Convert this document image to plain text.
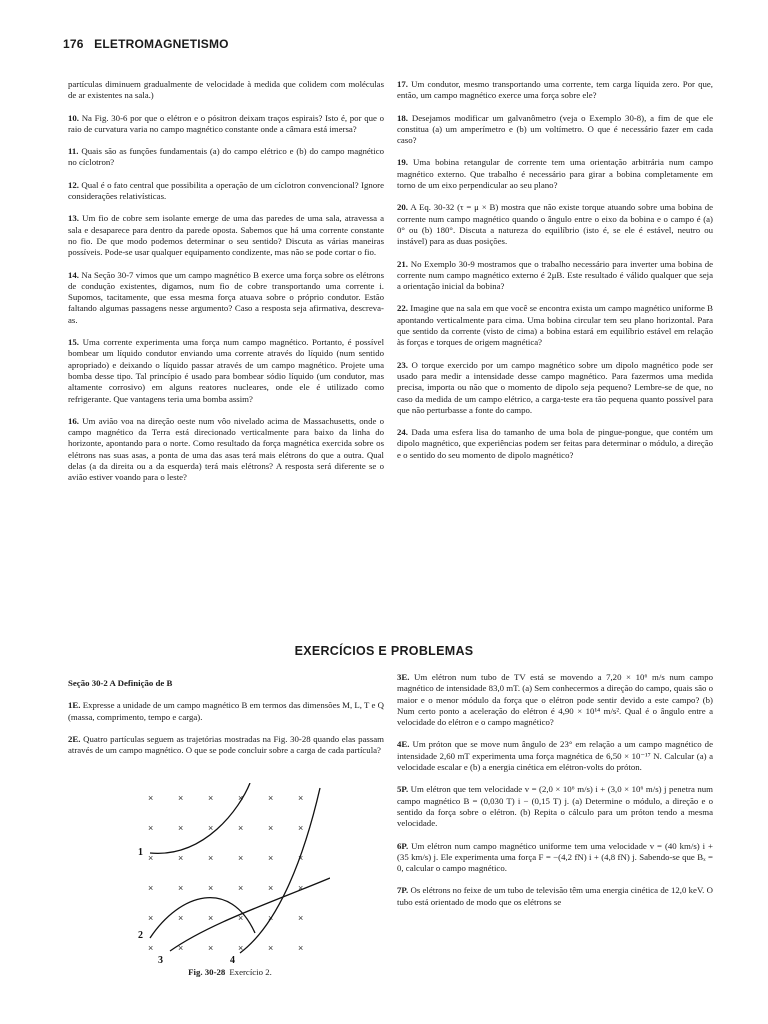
176 ELETROMAGNETISMO

partículas diminuem gradualmente de velocidade à medida que colidem com moléculas de ar existentes na sala.)

10. Na Fig. 30-6 por que o elétron e o pósitron deixam traços espirais? Isto é, por que o raio de curvatura varia no campo magnético constante onde a câmara está imersa?

11. Quais são as funções fundamentais (a) do campo elétrico e (b) do campo magnético no cíclotron?

12. Qual é o fato central que possibilita a operação de um cíclotron convencional? Ignore considerações relativísticas.

13. Um fio de cobre sem isolante emerge de uma das paredes de uma sala, atravessa a sala e desaparece para dentro da parede oposta. Sabemos que há uma corrente constante no fio. De que modo podemos determinar o seu sentido? Discuta as várias maneiras possíveis. Pode-se usar qualquer equipamento condizente, mas não se pode cortar o fio.

14. Na Seção 30-7 vimos que um campo magnético B exerce uma força sobre os elétrons de condução existentes, digamos, num fio de cobre transportando uma corrente i. Supomos, tacitamente, que essa mesma força atuava sobre o próprio condutor. Estão faltando algumas passagens nesse argumento? Caso a resposta seja afirmativa, descreva-as.

15. Uma corrente experimenta uma força num campo magnético. Portanto, é possível bombear um líquido condutor enviando uma corrente através do líquido (num sentido apropriado) e deixando o líquido passar através de um campo magnético. Projete uma bomba desse tipo. Tal princípio é usado para bombear sódio líquido (um condutor, mas altamente corrosivo) em alguns reatores nucleares, onde ele é utilizado como refrigerante. Que vantagens teria uma bomba assim?

16. Um avião voa na direção oeste num vôo nivelado acima de Massachusetts, onde o campo magnético da Terra está direcionado verticalmente para baixo da linha do horizonte, apontando para o norte. Como resultado da força magnética exercida sobre os elétrons nas suas asas, a ponta de uma das asas terá mais elétrons do que a outra. Qual delas (a da direita ou a da esquerda) terá mais elétrons? A resposta será diferente se o avião estiver voando para o leste?

17. Um condutor, mesmo transportando uma corrente, tem carga líquida zero. Por que, então, um campo magnético exerce uma força sobre ele?

18. Desejamos modificar um galvanômetro (veja o Exemplo 30-8), a fim de que ele constitua (a) um amperímetro e (b) um voltímetro. O que é necessário fazer em cada caso?

19. Uma bobina retangular de corrente tem uma orientação arbitrária num campo magnético externo. Que trabalho é necessário para girar a bobina completamente em torno de um eixo perpendicular ao seu plano?

20. A Eq. 30-32 (τ = μ × B) mostra que não existe torque atuando sobre uma bobina de corrente num campo magnético quando o ângulo entre o eixo da bobina e o campo é (a) 0° ou (b) 180°. Discuta a natureza do equilíbrio (isto é, se ele é estável, neutro ou instável) para as duas posições.

21. No Exemplo 30-9 mostramos que o trabalho necessário para inverter uma bobina de corrente num campo magnético externo é 2μB. Este resultado é válido qualquer que seja a orientação inicial da bobina?

22. Imagine que na sala em que você se encontra exista um campo magnético uniforme B apontando verticalmente para cima. Uma bobina circular tem seu plano horizontal. Para que sentido da corrente (visto de cima) a bobina estará em equilíbrio estável em relação às forças e torques de origem magnética?

23. O torque exercido por um campo magnético sobre um dipolo magnético pode ser usado para medir a intensidade desse campo magnético. Para fazermos uma medida precisa, importa ou não que o momento de dipolo seja pequeno? Lembre-se de que, no caso da medida de um campo elétrico, a carga-teste era tão pequena quanto possível para que não perturbasse a fonte do campo.

24. Dada uma esfera lisa do tamanho de uma bola de pingue-pongue, que contém um dipolo magnético, que experiências podem ser feitas para determinar o módulo, a direção e o sentido do seu momento de dipolo magnético?

EXERCÍCIOS E PROBLEMAS

Seção 30-2 A Definição de B

1E. Expresse a unidade de um campo magnético B em termos das dimensões M, L, T e Q (massa, comprimento, tempo e carga).

2E. Quatro partículas seguem as trajetórias mostradas na Fig. 30-28 quando elas passam através de um campo magnético. O que se pode concluir sobre a carga de cada partícula?

3E. Um elétron num tubo de TV está se movendo a 7,20 × 10⁶ m/s num campo magnético de intensidade 83,0 mT. (a) Sem conhecermos a direção do campo, quais são o maior e o menor módulo da força que o elétron pode sentir devido a este campo? (b) Num certo ponto a aceleração do elétron é 4,90 × 10¹⁴ m/s². Qual é o ângulo entre a velocidade do elétron e o campo magnético?

4E. Um próton que se move num ângulo de 23° em relação a um campo magnético de intensidade 2,60 mT experimenta uma força magnética de 6,50 × 10⁻¹⁷ N. Calcular (a) a velocidade escalar e (b) a energia cinética em elétron-volts do próton.

5P. Um elétron que tem velocidade v = (2,0 × 10⁶ m/s) i + (3,0 × 10⁶ m/s) j penetra num campo magnético B = (0,030 T) i − (0,15 T) j. (a) Determine o módulo, a direção e o sentido da força sobre o elétron. (b) Repita o cálculo para um próton tendo a mesma velocidade.

6P. Um elétron num campo magnético uniforme tem uma velocidade v = (40 km/s) i + (35 km/s) j. Ele experimenta uma força F = −(4,2 fN) i + (4,8 fN) j. Sabendo-se que Bₓ = 0, calcular o campo magnético.

7P. Os elétrons no feixe de um tubo de televisão têm uma energia cinética de 12,0 keV. O tubo está orientado de modo que os elétrons se

×	×	×	×	×	×
×	×	×	×	×	×
×	×	×	×	×	×
×	×	×	×	×	×
×	×	×	×	×	×
×	×	×	×	×	×
1
2
3	4
Fig. 30-28 Exercício 2.
